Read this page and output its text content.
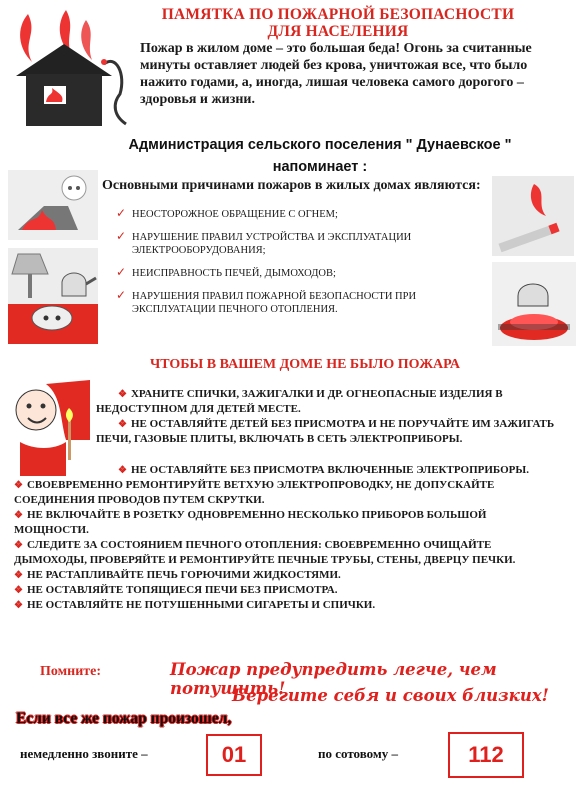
ПАМЯТКА ПО ПОЖАРНОЙ БЕЗОПАСНОСТИ
ДЛЯ НАСЕЛЕНИЯ
Пожар в жилом доме – это большая беда! Огонь за считанные минуты оставляет людей без крова, уничтожая все, что было нажито годами, а, иногда, лишая человека самого дорогого – здоровья и жизни.
Администрация сельского поселения " Дунаевское "
напоминает :
Основными причинами пожаров в жилых домах являются:
✓ НЕОСТОРОЖНОЕ ОБРАЩЕНИЕ С ОГНЕМ;
✓ НАРУШЕНИЕ ПРАВИЛ УСТРОЙСТВА И ЭКСПЛУАТАЦИИ ЭЛЕКТРООБОРУДОВАНИЯ;
✓ НЕИСПРАВНОСТЬ ПЕЧЕЙ, ДЫМОХОДОВ;
✓ НАРУШЕНИЯ ПРАВИЛ ПОЖАРНОЙ БЕЗОПАСНОСТИ ПРИ ЭКСПЛУАТАЦИИ ПЕЧНОГО ОТОПЛЕНИЯ.
ЧТОБЫ В ВАШЕМ ДОМЕ НЕ БЫЛО ПОЖАРА
❖ ХРАНИТЕ СПИЧКИ, ЗАЖИГАЛКИ И ДР. ОГНЕОПАСНЫЕ ИЗДЕЛИЯ В НЕДОСТУПНОМ ДЛЯ ДЕТЕЙ МЕСТЕ.
❖ НЕ ОСТАВЛЯЙТЕ ДЕТЕЙ БЕЗ ПРИСМОТРА И НЕ ПОРУЧАЙТЕ ИМ ЗАЖИГАТЬ ПЕЧИ, ГАЗОВЫЕ ПЛИТЫ, ВКЛЮЧАТЬ В СЕТЬ ЭЛЕКТРОПРИБОРЫ.
❖ НЕ ОСТАВЛЯЙТЕ БЕЗ ПРИСМОТРА ВКЛЮЧЕННЫЕ ЭЛЕКТРОПРИБОРЫ.
❖ СВОЕВРЕМЕННО РЕМОНТИРУЙТЕ ВЕТХУЮ ЭЛЕКТРОПРОВОДКУ, НЕ ДОПУСКАЙТЕ СОЕДИНЕНИЯ ПРОВОДОВ ПУТЕМ СКРУТКИ.
❖ НЕ ВКЛЮЧАЙТЕ В РОЗЕТКУ ОДНОВРЕМЕННО НЕСКОЛЬКО ПРИБОРОВ БОЛЬШОЙ МОЩНОСТИ.
❖ СЛЕДИТЕ ЗА СОСТОЯНИЕМ ПЕЧНОГО ОТОПЛЕНИЯ: СВОЕВРЕМЕННО ОЧИЩАЙТЕ ДЫМОХОДЫ, ПРОВЕРЯЙТЕ И РЕМОНТИРУЙТЕ ПЕЧНЫЕ ТРУБЫ, СТЕНЫ, ДВЕРЦУ ПЕЧКИ.
❖ НЕ РАСТАПЛИВАЙТЕ ПЕЧЬ ГОРЮЧИМИ ЖИДКОСТЯМИ.
❖ НЕ ОСТАВЛЯЙТЕ ТОПЯЩИЕСЯ ПЕЧИ БЕЗ ПРИСМОТРА.
❖ НЕ ОСТАВЛЯЙТЕ НЕ ПОТУШЕННЫМИ СИГАРЕТЫ И СПИЧКИ.
Помните:	Пожар предупредить легче, чем потушить!
Берегите себя и своих близких!
Если все же пожар произошел,
немедленно звоните –	01	по сотовому –	112
